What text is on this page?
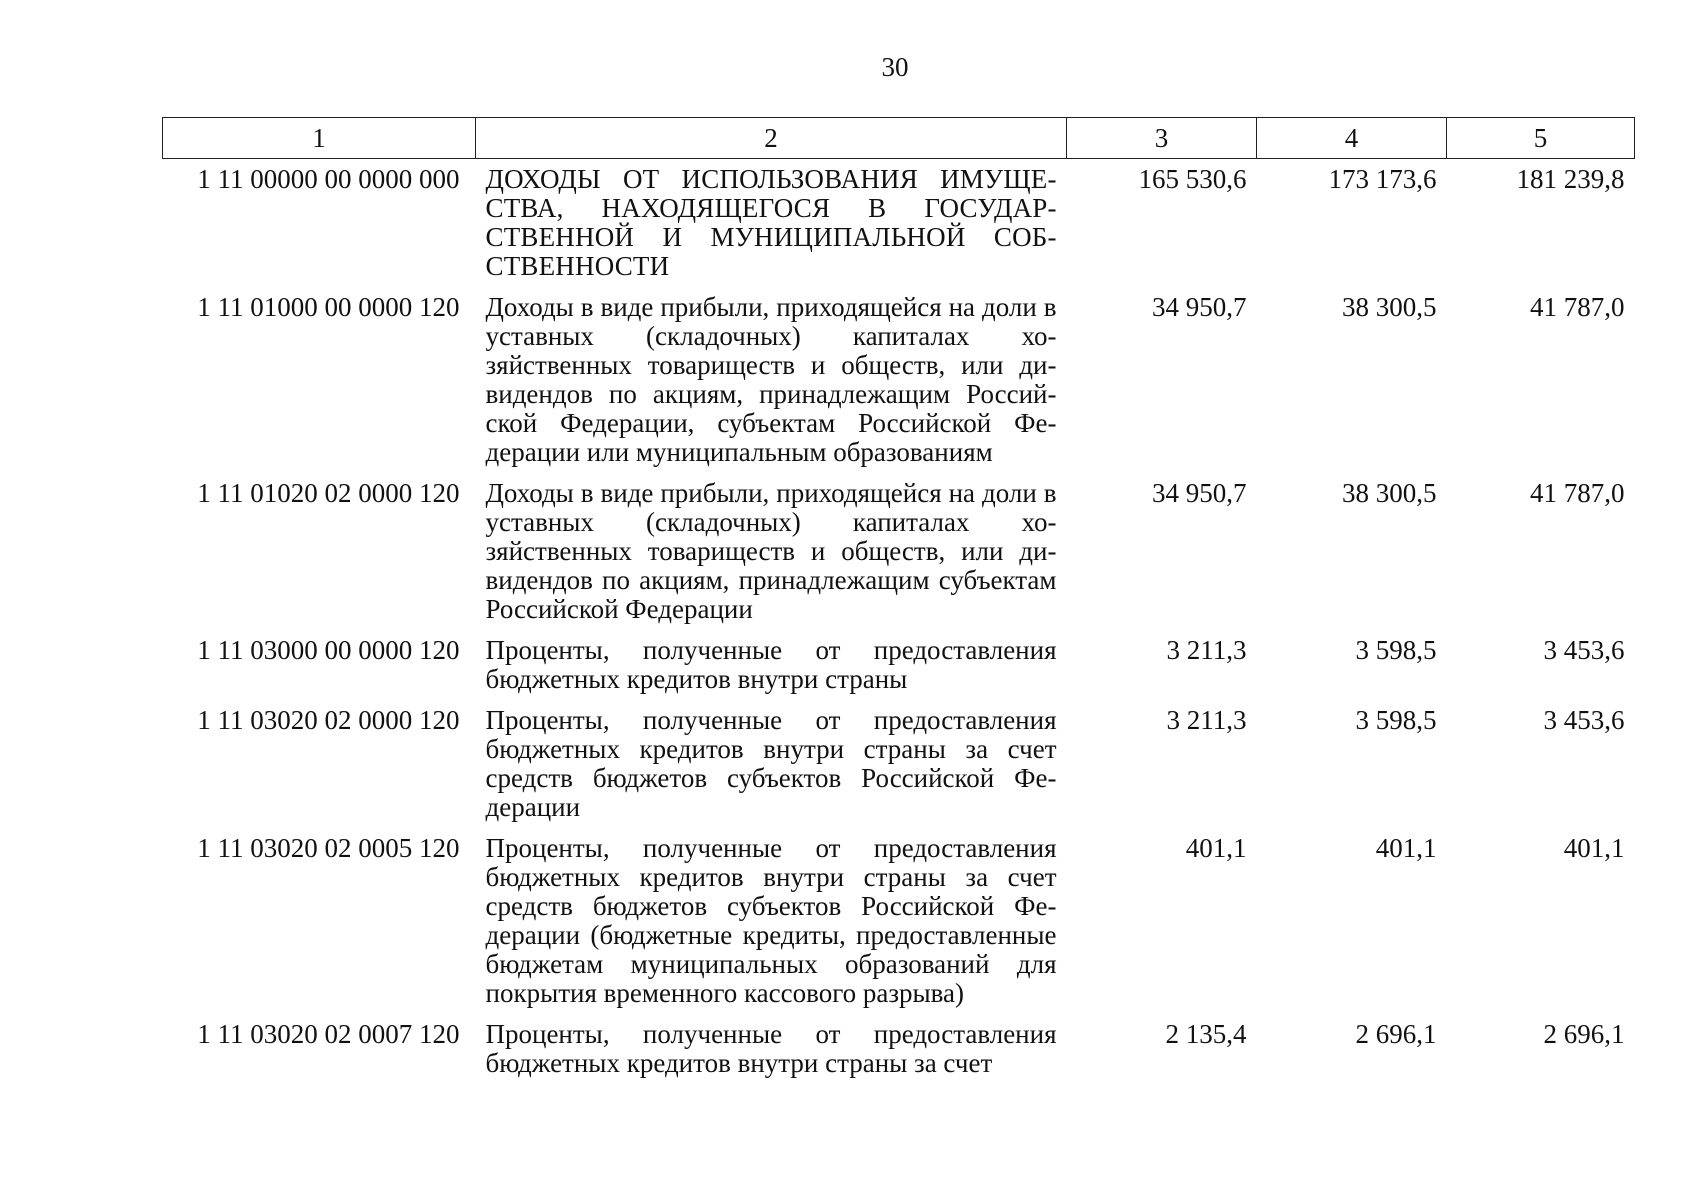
30
1	2	3	4	5
1 11 00000 00 0000 000	ДОХОДЫ ОТ ИСПОЛЬЗОВАНИЯ ИМУЩЕСТВА, НАХОДЯЩЕГОСЯ В ГОСУДАРСТВЕННОЙ И МУНИЦИПАЛЬНОЙ СОБСТВЕННОСТИ	165 530,6	173 173,6	181 239,8
1 11 01000 00 0000 120	Доходы в виде прибыли, приходящейся на доли в уставных (складочных) капиталах хозяйственных товариществ и обществ, или дивидендов по акциям, принадлежащим Российской Федерации, субъектам Российской Федерации или муниципальным образованиям	34 950,7	38 300,5	41 787,0
1 11 01020 02 0000 120	Доходы в виде прибыли, приходящейся на доли в уставных (складочных) капиталах хозяйственных товариществ и обществ, или дивидендов по акциям, принадлежащим субъектам Российской Федерации	34 950,7	38 300,5	41 787,0
1 11 03000 00 0000 120	Проценты, полученные от предоставления бюджетных кредитов внутри страны	3 211,3	3 598,5	3 453,6
1 11 03020 02 0000 120	Проценты, полученные от предоставления бюджетных кредитов внутри страны за счет средств бюджетов субъектов Российской Федерации	3 211,3	3 598,5	3 453,6
1 11 03020 02 0005 120	Проценты, полученные от предоставления бюджетных кредитов внутри страны за счет средств бюджетов субъектов Российской Федерации (бюджетные кредиты, предоставленные бюджетам муниципальных образований для покрытия временного кассового разрыва)	401,1	401,1	401,1
1 11 03020 02 0007 120	Проценты, полученные от предоставления бюджетных кредитов внутри страны за счет	2 135,4	2 696,1	2 696,1
